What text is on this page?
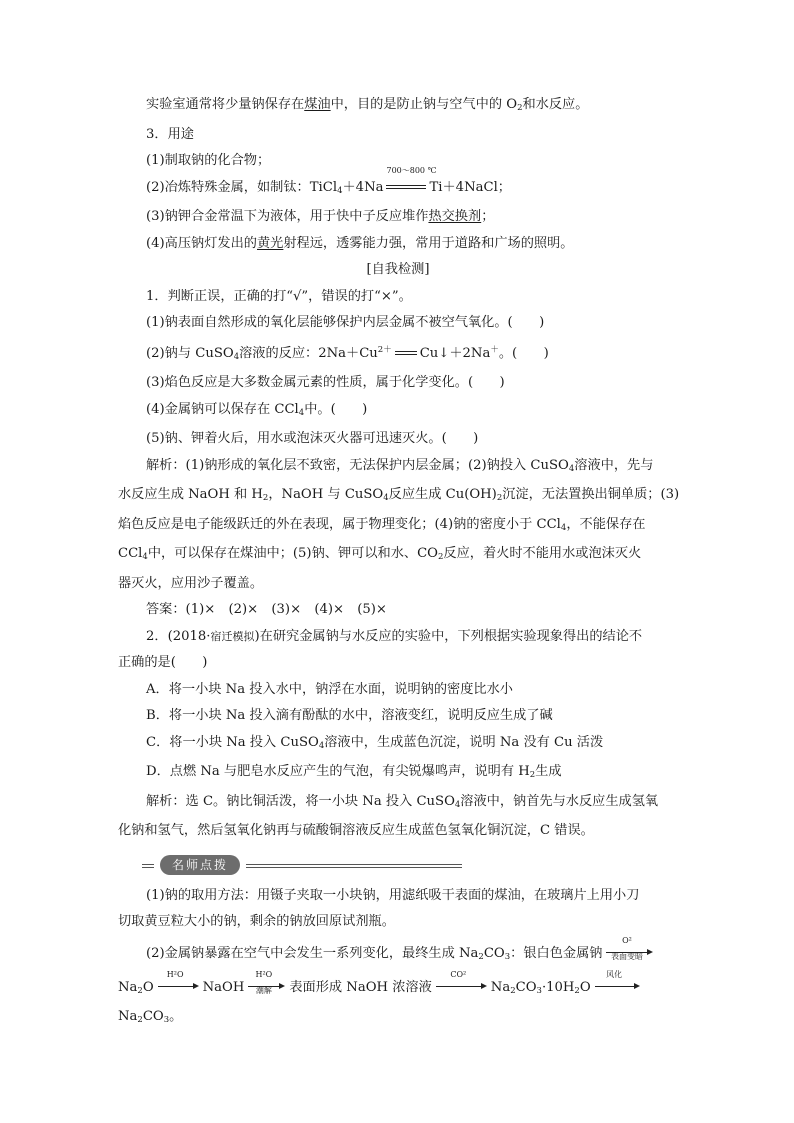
实验室通常将少量钠保存在煤油中，目的是防止钠与空气中的 $O_2$和水反应。
3．用途
(1)制取钠的化合物；
(2)冶炼特殊金属，如制钛：TiCl$_4$＋4Na
700～800 ℃
Ti＋4NaCl；
(3)钠钾合金常温下为液体，用于快中子反应堆作热交换剂；
(4)高压钠灯发出的黄光射程远，透雾能力强，常用于道路和广场的照明。
[自我检测]
1．判断正误，正确的打“√”，错误的打“×”。
(1)钠表面自然形成的氧化层能够保护内层金属不被空气氧化。(　　)
(2)钠与 CuSO$_4$溶液的反应：$2Na+Cu^{2+}$ Cu↓＋2Na＋。(　　)
(3)焰色反应是大多数金属元素的性质，属于化学变化。(　　)
(4)金属钠可以保存在 CCl$_4$中。(　　)
(5)钠、钾着火后，用水或泡沫灭火器可迅速灭火。(　　)
解析：(1)钠形成的氧化层不致密，无法保护内层金属；(2)钠投入 CuSO$_4$溶液中，先与
水反应生成 NaOH 和 $H_2$，NaOH 与 CuSO$_4$反应生成 $Cu(OH)_2$沉淀，无法置换出铜单质；(3)
焰色反应是电子能级跃迁的外在表现，属于物理变化；(4)钠的密度小于 CCl$_4$，不能保存在
CCl$_4$中，可以保存在煤油中；(5)钠、钾可以和水、$CO_2$反应，着火时不能用水或泡沫灭火
器灭火，应用沙子覆盖。
答案：(1)×　(2)×　(3)×　(4)×　(5)×
2．(2018·宿迁模拟)在研究金属钠与水反应的实验中，下列根据实验现象得出的结论不
正确的是(　　)
A．将一小块 Na 投入水中，钠浮在水面，说明钠的密度比水小
B．将一小块 Na 投入滴有酚酞的水中，溶液变红，说明反应生成了碱
C．将一小块 Na 投入 CuSO$_4$溶液中，生成蓝色沉淀，说明 Na 没有 Cu 活泼
D．点燃 Na 与肥皂水反应产生的气泡，有尖锐爆鸣声，说明有 $H_2$生成
解析：选 C。钠比铜活泼，将一小块 Na 投入 CuSO$_4$溶液中，钠首先与水反应生成氢氧
化钠和氢气，然后氢氧化钠再与硫酸铜溶液反应生成蓝色氢氧化铜沉淀，C 错误。
名师点拨
(1)钠的取用方法：用镊子夹取一小块钠，用滤纸吸干表面的煤油，在玻璃片上用小刀
切取黄豆粒大小的钠，剩余的钠放回原试剂瓶。
(2)金属钠暴露在空气中会发生一系列变化，最终生成 $Na_2CO_3$：银白色金属钠
O²
表面变暗
$Na_2O$
H²O
NaOH
H²O
潮解	表面形成 NaOH 浓溶液
CO²
$Na_2CO_3\cdot 10H_2O$
风化
$Na_2CO_3$。
